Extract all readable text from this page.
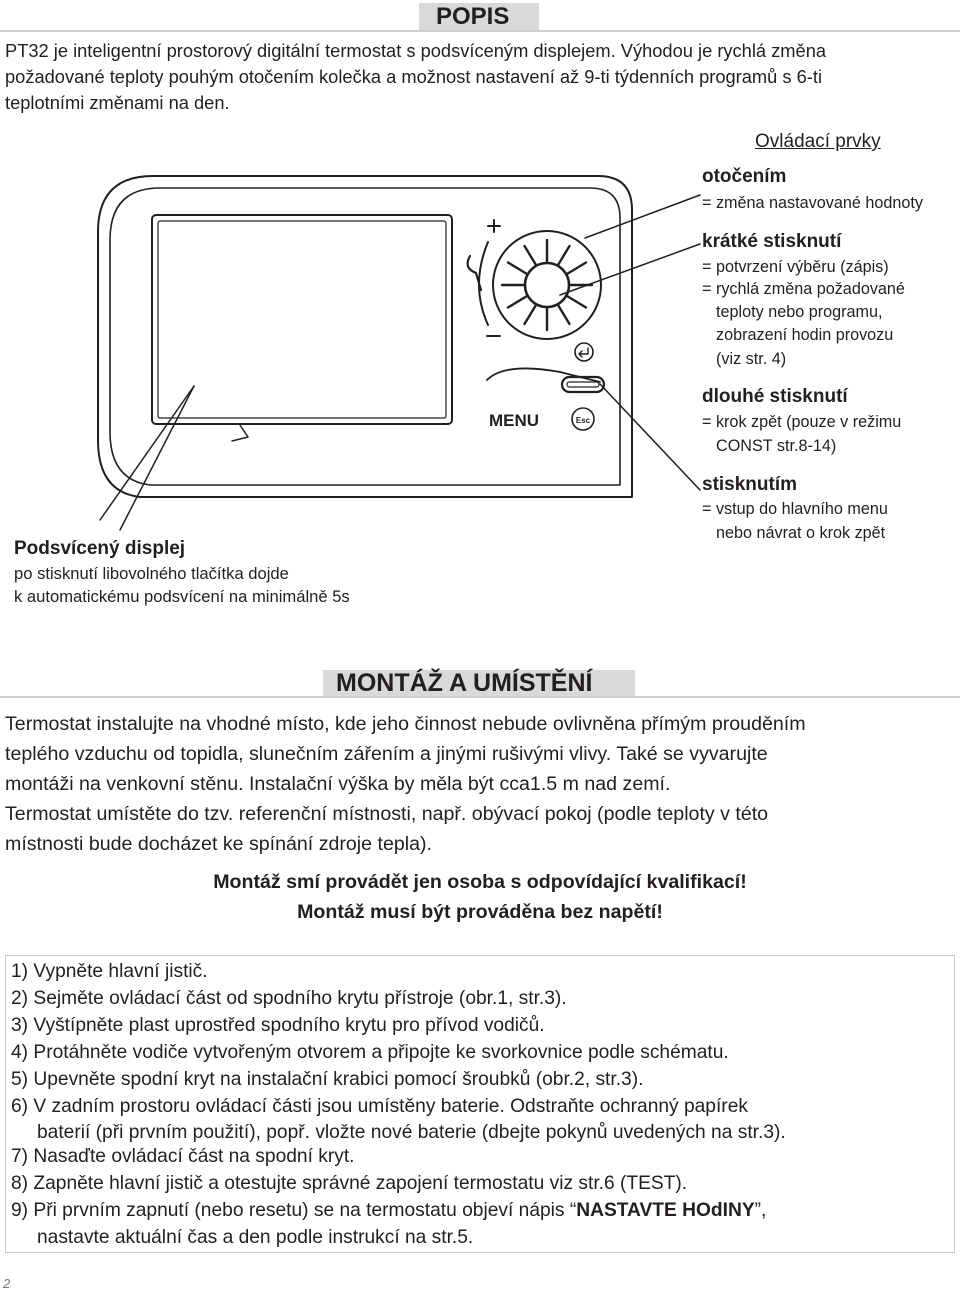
POPIS
PT32 je inteligentní prostorový digitální termostat s podsvíceným displejem. Výhodou je rychlá změna
požadované teploty pouhým otočením kolečka a možnost nastavení až 9-ti týdenních programů s 6-ti
teplotními změnami na den.
MENU	Esc
Ovládací prvky
otočením
= změna nastavované hodnoty
krátké stisknutí
= potvrzení výběru (zápis)
= rychlá změna požadované
teploty nebo programu,
zobrazení hodin provozu
(viz str. 4)
dlouhé stisknutí
= krok zpět (pouze v režimu
CONST str.8-14)
stisknutím
= vstup do hlavního menu
nebo návrat o krok zpět
Podsvícený displej
po stisknutí libovolného tlačítka dojde
k automatickému podsvícení na minimálně 5s
MONTÁŽ A UMÍSTĚNÍ
Termostat instalujte na vhodné místo, kde jeho činnost nebude ovlivněna přímým prouděním
teplého vzduchu od topidla, slunečním zářením a jinými rušivými vlivy. Také se vyvarujte
montáži na venkovní stěnu. Instalační výška by měla být cca1.5 m nad zemí.
Termostat umístěte do tzv. referenční místnosti, např. obývací pokoj (podle teploty v této
místnosti bude docházet ke spínání zdroje tepla).
Montáž smí provádět jen osoba s odpovídající kvalifikací!
Montáž musí být prováděna bez napětí!
1) Vypněte hlavní jistič.
2) Sejměte ovládací část od spodního krytu přístroje (obr.1, str.3).
3) Vyštípněte plast uprostřed spodního krytu pro přívod vodičů.
4) Protáhněte vodiče vytvořeným otvorem a připojte ke svorkovnice podle schématu.
5) Upevněte spodní kryt na instalační krabici pomocí šroubků (obr.2, str.3).
6) V zadním prostoru ovládací části jsou umístěny baterie. Odstraňte ochranný papírek
baterií (při prvním použití), popř. vložte nové baterie (dbejte pokynů uvedených na str.3).
7) Nasaďte ovládací část na spodní kryt.
8) Zapněte hlavní jistič a otestujte správné zapojení termostatu viz str.6 (TEST).
9) Při prvním zapnutí (nebo resetu) se na termostatu objeví nápis “NASTAVTE HOdINY”,
nastavte aktuální čas a den podle instrukcí na str.5.
2
